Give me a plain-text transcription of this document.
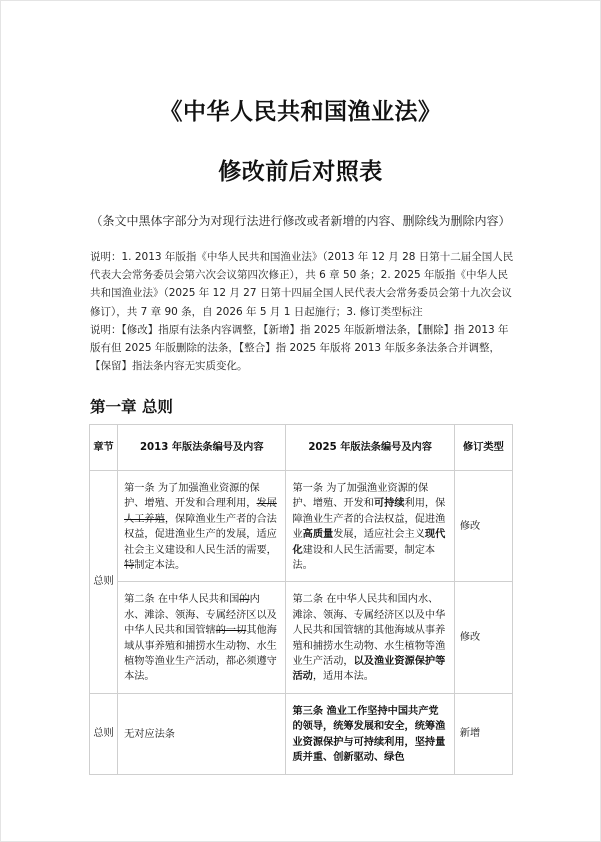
《中华人民共和国渔业法》
修改前后对照表
（条文中黑体字部分为对现行法进行修改或者新增的内容、删除线为删除内容）

说明：1. 2013 年版指《中华人民共和国渔业法》（2013 年 12 月 28 日第十二届全国人民代表大会常务委员会第六次会议第四次修正），共 6 章 50 条；2. 2025 年版指《中华人民共和国渔业法》（2025 年 12 月 27 日第十四届全国人民代表大会常务委员会第十九次会议修订），共 7 章 90 条，自 2026 年 5 月 1 日起施行；3. 修订类型标注

说明：【修改】指原有法条内容调整，【新增】指 2025 年版新增法条，【删除】指 2013 年版有但 2025 年版删除的法条，【整合】指 2025 年版将 2013 年版多条法条合并调整，【保留】指法条内容无实质变化。

第一章 总则
章节	2013 年版法条编号及内容	2025 年版法条编号及内容	修订类型
总则	第一条 为了加强渔业资源的保护、增殖、开发和合理利用，发展人工养殖，保障渔业生产者的合法权益，促进渔业生产的发展，适应社会主义建设和人民生活的需要，特制定本法。	第一条 为了加强渔业资源的保护、增殖、开发和可持续利用，保障渔业生产者的合法权益，促进渔业高质量发展，适应社会主义现代化建设和人民生活需要，制定本法。	修改
	第二条 在中华人民共和国的内水、滩涂、领海、专属经济区以及中华人民共和国管辖的一切其他海域从事养殖和捕捞水生动物、水生植物等渔业生产活动，都必须遵守本法。	第二条 在中华人民共和国内水、滩涂、领海、专属经济区以及中华人民共和国管辖的其他海域从事养殖和捕捞水生动物、水生植物等渔业生产活动，以及渔业资源保护等活动，适用本法。	修改
总则	无对应法条	第三条 渔业工作坚持中国共产党的领导，统筹发展和安全，统筹渔业资源保护与可持续利用，坚持量质并重、创新驱动、绿色	新增
